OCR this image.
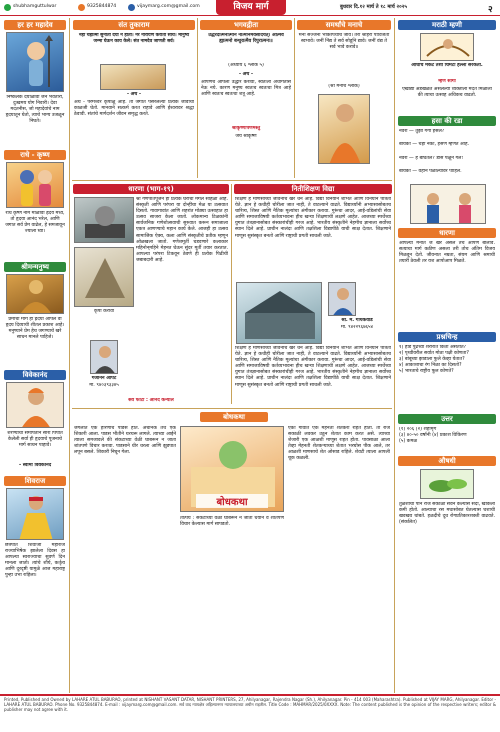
shubhamguttulwar	9325844874	vijaymarg.com@gmail.com	विजय मार्ग	बुधवार दि.१२ मार्च ते १८ मार्च २०२५	२
हर हर महादेव
निष्कलंक दयाळावा जन भवतारी, दुःखमय योग निवारी। देवा मदतनीस, जो महादेवांचे नाम हृदयातून घेतो, त्याचे भाग्य उजळून निघते।
राधे - कृष्ण
राधे कृष्ण नाम माळावा ह्रदय मध्ये, तो हृदया आनंद भरेल, आणि जगात सर्व प्रेम वाढेल, हे समजावून ज्याला घ्या।
श्रीमन्मनुष्य
प्रेमाचा मार्ग हा ह्रदया आपले वा हृदय दिव्याची शीतल प्रकाश आहे। मनुष्याने प्रेम हेच जगण्याचे खरे साधन मानले पाहिजे।
विवेकानंद
शरण्याचा समर्पितीने सारी पिपीते केलेली सर्वा ही हृदयाचे पूजनाचे मार्ग साधन पाहावे।
– स्वामी विवेकानंद
शिवराज
छत्रपति शिवाजी महाराज राज्याभिषेक झालेला दिवस हा आपल्या स्वराज्याचा सुवर्ण दिन मानला जातो। त्यांचे शौर्य, कर्तृत्व आणि दूरदृष्टी यामुळे आज महाराष्ट्र पुन्हा उभा राहिला।
संत तुकाराम
नहीं चहात्मा सुनीतो दया न होतो। नर नारायण करीतो साथ। मानुष्य जन्मा घेऊन काय केले। संत नामदेव जाणती सर्व।
- अर्थ -
अर्थ - परमेश्वर कृपाळू आहे. तो जगात पसरलेल्या प्रत्येक जीवाची काळजी घेतो. मानवाने सत्कर्म करत राहावे आणि ईश्वरावर श्रद्धा ठेवावी. संतांचे मार्गदर्शन जीवन समृद्ध करते.
भगवद्गीता
उद्धरेदात्मनात्मानं नात्मानमवसादयेत्। आत्मैव ह्यात्मनो बन्धुरात्मैव रिपुरात्मनः॥
(अध्याय ६ श्लोक ५)
- अर्थ -
आपणच आपला उद्धार करावा, स्वतःला अधोगतीस नेऊ नये. कारण मनुष्य स्वतःच स्वतःचा मित्र आहे आणि स्वतःच स्वतःचा शत्रू आहे.
श्रीकृष्णार्पणमस्तु
जय श्रीकृष्ण
समर्थांचे मनाचे
मना सज्जना भक्तिपंथेचि जावे। तरी श्रीहरी पाविजेतो स्वभावे। जनीं निंद्य ते सर्व सोडूनि द्यावे। जनीं वंद्य ते सर्व भावे करावे॥
(श्री मनाचे श्लोक)
मराठी म्हणी
आधीच मर्कट तशी चिमटा हल्ली सरकती.
म्हण सांगा
एखाद्या अडखळत असलेल्या व्यक्तीला मदत मिळाली की त्याचा उत्साह अधिकच वाढतो.
हसा की रडा
नवरा — तुझी गंगी हसेल?
बायको — चहा नको, हसणं म्हणते आहे.
नवरा — हे बघितलं? डास पळून गेले!
बायको — वहान पळाल्यावर पाहिलं.
धारणा
आपल्या मनात जे खरे असेल तेच आपण बोलावे. सत्याचा मार्ग कठीण असला तरी तोच अंतिम विजय मिळवून देतो. जीवनात नम्रता, संयम आणि श्रमाची तयारी ठेवली तर यश आपोआप मिळते.
धारणा (भाग-१९)
श्री गणपतिपूजन हा प्रत्येक घराचा मंगल सोहळा आहे. संस्कृती आणि परंपरा या दोन्हींचा मेळ या उत्सवात दिसतो. गावागावांत आणि शहरांत मोठ्या उत्साहात हा उत्सव साजरा केला जातो. लोकमान्य टिळकांनी सार्वजनिक गणेशोत्सवाची सुरुवात करून समाजाला एकत्र आणण्याचे महान कार्य केले. आजही हा उत्सव सामाजिक ऐक्य, कला आणि संस्कृतीचे प्रतीक म्हणून ओळखला जातो. गणेशमूर्ती घडवणारे कलाकार महिनोन्‌महिने मेहनत घेऊन सुंदर मूर्ती तयार करतात. आपल्या परंपरा टिकवून ठेवणे ही प्रत्येक पिढीची जबाबदारी आहे.
कृपा करावी
गजानन आपटे
मो. ९४०३९३३४५
सर्व फोटो : आनंद कन्याल
नितीशिक्षण विद्या
शिक्षण हे माणसाच्या जीवनाचे खरे धन आहे. विद्या विनयाने शोभते आणि विनयाने पात्रता येते. ज्ञान हे कधीही चोरीला जात नाही, ते वाटल्याने वाढते. विद्यार्थ्यांनी अभ्यासासोबतच चारित्र्य, शिस्त आणि नैतिक मूल्यांचा अंगीकार करावा. गुरूंचा आदर, आई-वडिलांची सेवा आणि समाजाविषयी कर्तव्यभावना हीच खऱ्या शिक्षणाची लक्षणे आहेत. आजच्या स्पर्धेच्या युगात तंत्रज्ञानासोबत संस्कारांचीही गरज आहे. भारतीय संस्कृतीने नेहमीच ज्ञानाला सर्वोच्च स्थान दिले आहे. प्राचीन नालंदा आणि तक्षशिला विद्यापीठे याची साक्ष देतात. शिक्षणाने माणूस सुसंस्कृत बनतो आणि राष्ट्राची प्रगती साधली जाते.
श्री. म. गायकवाड
मो. ९४२२९६७६५४
शिक्षण हे माणसाच्या जीवनाचे खरे धन आहे. विद्या विनयाने शोभते आणि विनयाने पात्रता येते. ज्ञान हे कधीही चोरीला जात नाही, ते वाटल्याने वाढते. विद्यार्थ्यांनी अभ्यासासोबतच चारित्र्य, शिस्त आणि नैतिक मूल्यांचा अंगीकार करावा. गुरूंचा आदर, आई-वडिलांची सेवा आणि समाजाविषयी कर्तव्यभावना हीच खऱ्या शिक्षणाची लक्षणे आहेत. आजच्या स्पर्धेच्या युगात तंत्रज्ञानासोबत संस्कारांचीही गरज आहे. भारतीय संस्कृतीने नेहमीच ज्ञानाला सर्वोच्च स्थान दिले आहे. प्राचीन नालंदा आणि तक्षशिला विद्यापीठे याची साक्ष देतात. शिक्षणाने माणूस सुसंस्कृत बनतो आणि राष्ट्राची प्रगती साधली जाते.
बोधकथा
जंगलात एक हरिणीचे पाडस होते. अचानक तेथे एक शिकारी आला. पाडस भीतीने थरथरू लागले. त्याच्या आईने त्याला समजावले की संकटाच्या वेळी घाबरून न जाता शांतपणे विचार करावा. पाडसाने धीर धरला आणि झुडपात लपून बसले. शिकारी निघून गेला.
बोधकथा
तात्पर्य : संकटाच्या वेळी घाबरून न जाता धैर्याने व शांतपणे विचार केल्यास मार्ग सापडतो.
एका गावात एक मेहनती शेतकरी राहत होता. तो रोज सकाळी लवकर उठून शेतात काम करत असे. त्याच्या शेजारी एक आळशी माणूस राहत होता. पावसाळा आला तेव्हा मेहनती शेतकऱ्याच्या शेतात भरघोस पीक आले, तर आळशी माणसाचे शेत ओसाड राहिले. शेवटी त्याला आपली चूक कळली.
प्रश्नचिन्ह
१) हाडे पुढच्या शरीरात किती असतात?
२) पृथ्वीवरील सर्वात मोठा पक्षी कोणता?
३) बांबूच्या झाडाला फुले केव्हा येतात?
४) आकाशाचा रंग निळा का दिसतो?
५) भारताचे राष्ट्रीय फूल कोणते?
उत्तर
(१) २०६ (२) शहामृग
(३) ४०-५० वर्षांनी (४) प्रकाश विकिरण
(५) कमळ
औषधी
तुळशीची पाने रोज सकाळी सेवन केल्यास सर्दी, खोकला कमी होतो. आल्याचा रस मधासोबत घेतल्यास घशाची खवखव थांबते. हळदीचे दूध रोगप्रतिकारशक्ती वाढवते. (संकलित)
Printed, Published and Owned by LAHARE ATUL BABURAO, printed at NISHANT VASANT DATAR, NISHANT PRINTERS, 27, Ahilyanagar, Rajendra Nagar (Sh.), Ahilyanagar. Pin - 414 003 (Maharashtra). Published at VIJAY MARG, Ahilyanagar. Editor - LAHARE ATUL BABURAO. Phone No. 9325844874. E-mail : vijaymarg.com@gmail.com. सर्व वाद न्यायक्षेत्र अहिल्यानगर न्यायालयाच्या अधीन राहतील. Title Code : MAHMAR/2025/0XXXX. Note: The content published is the opinion of the respective writers; editor & publisher may not agree with it.
